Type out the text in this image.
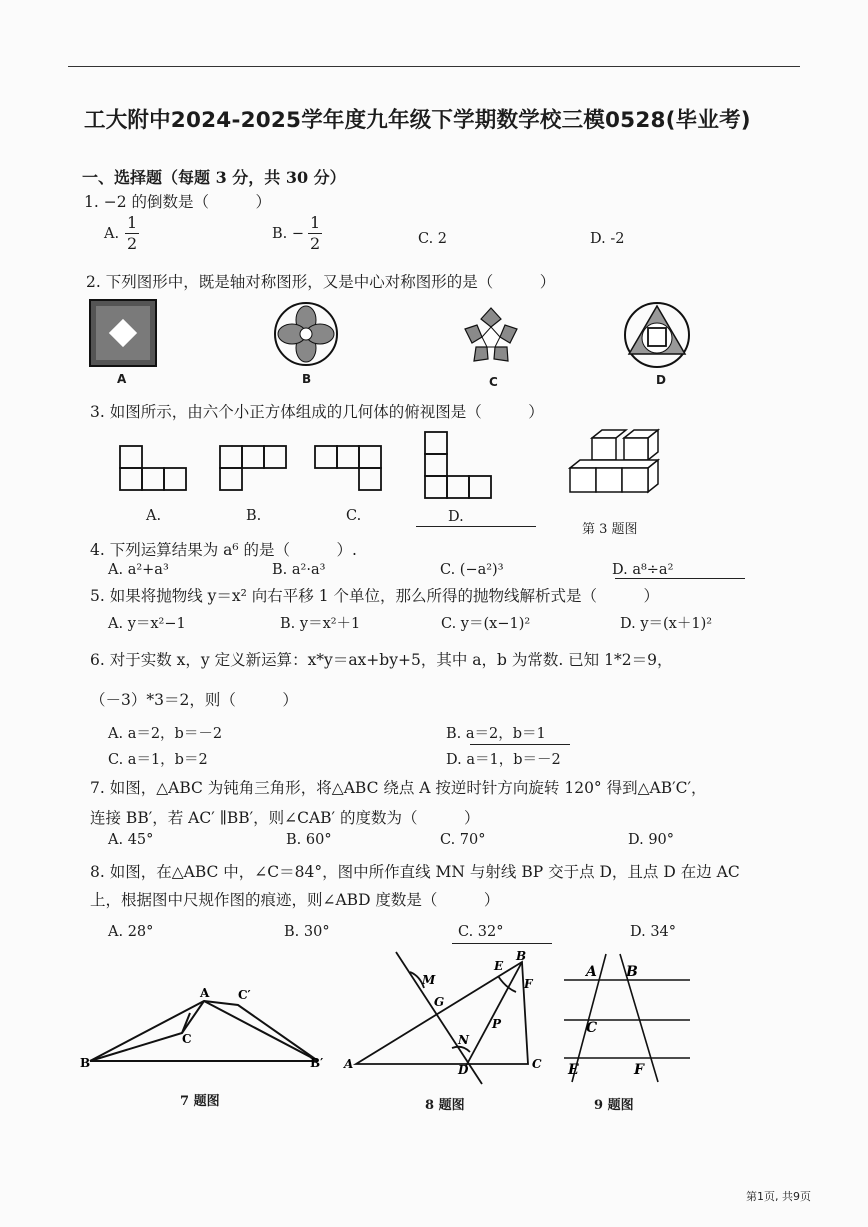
工大附中2024-2025学年度九年级下学期数学校三模0528(毕业考)
一、选择题（每题 3 分，共 30 分）
1. −2 的倒数是（　　　）
A. $\frac{1}{2}$	B. − $\frac{1}{2}$	C. 2	D. -2
2. 下列图形中，既是轴对称图形，又是中心对称图形的是（　　　）
A	B	C	D
3. 如图所示，由六个小正方体组成的几何体的俯视图是（　　　）
A.	B.	C.	D.
第 3 题图
4. 下列运算结果为 a⁶ 的是（　　　）.
A. a²+a³	B. a²·a³	C. (−a²)³	D. a⁸÷a²
5. 如果将抛物线 y＝x² 向右平移 1 个单位，那么所得的抛物线解析式是（　　　）
A. y＝x²−1	B. y＝x²＋1	C. y＝(x−1)²	D. y＝(x＋1)²
6. 对于实数 x，y 定义新运算：x*y＝ax+by+5，其中 a，b 为常数. 已知 1*2＝9，
（－3）*3＝2，则（　　　）
A. a＝2，b＝－2	B. a＝2，b＝1
C. a＝1，b＝2	D. a＝1，b＝－2
7. 如图，△ABC 为钝角三角形，将△ABC 绕点 A 按逆时针方向旋转 120° 得到△AB′C′，
连接 BB′，若 AC′ ∥BB′，则∠CAB′ 的度数为（　　　）
A. 45°	B. 60°	C. 70°	D. 90°
8. 如图，在△ABC 中，∠C＝84°，图中所作直线 MN 与射线 BP 交于点 D，且点 D 在边 AC
上，根据图中尺规作图的痕迹，则∠ABD 度数是（　　　）
A. 28°	B. 30°	C. 32°	D. 34°
B
A
C
C′
B′
7 题图
A
B
C
D
E
F
G
M
N
P
8 题图
A B
C
E	F
9 题图
第1页, 共9页
